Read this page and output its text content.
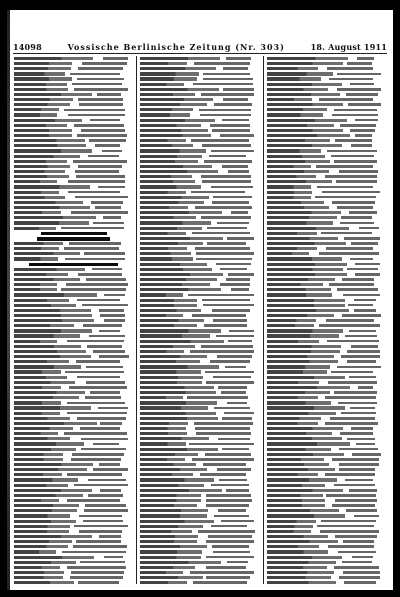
14098	Vossische Berlinische Zeitung (Nr. 303)	18. August 1911
